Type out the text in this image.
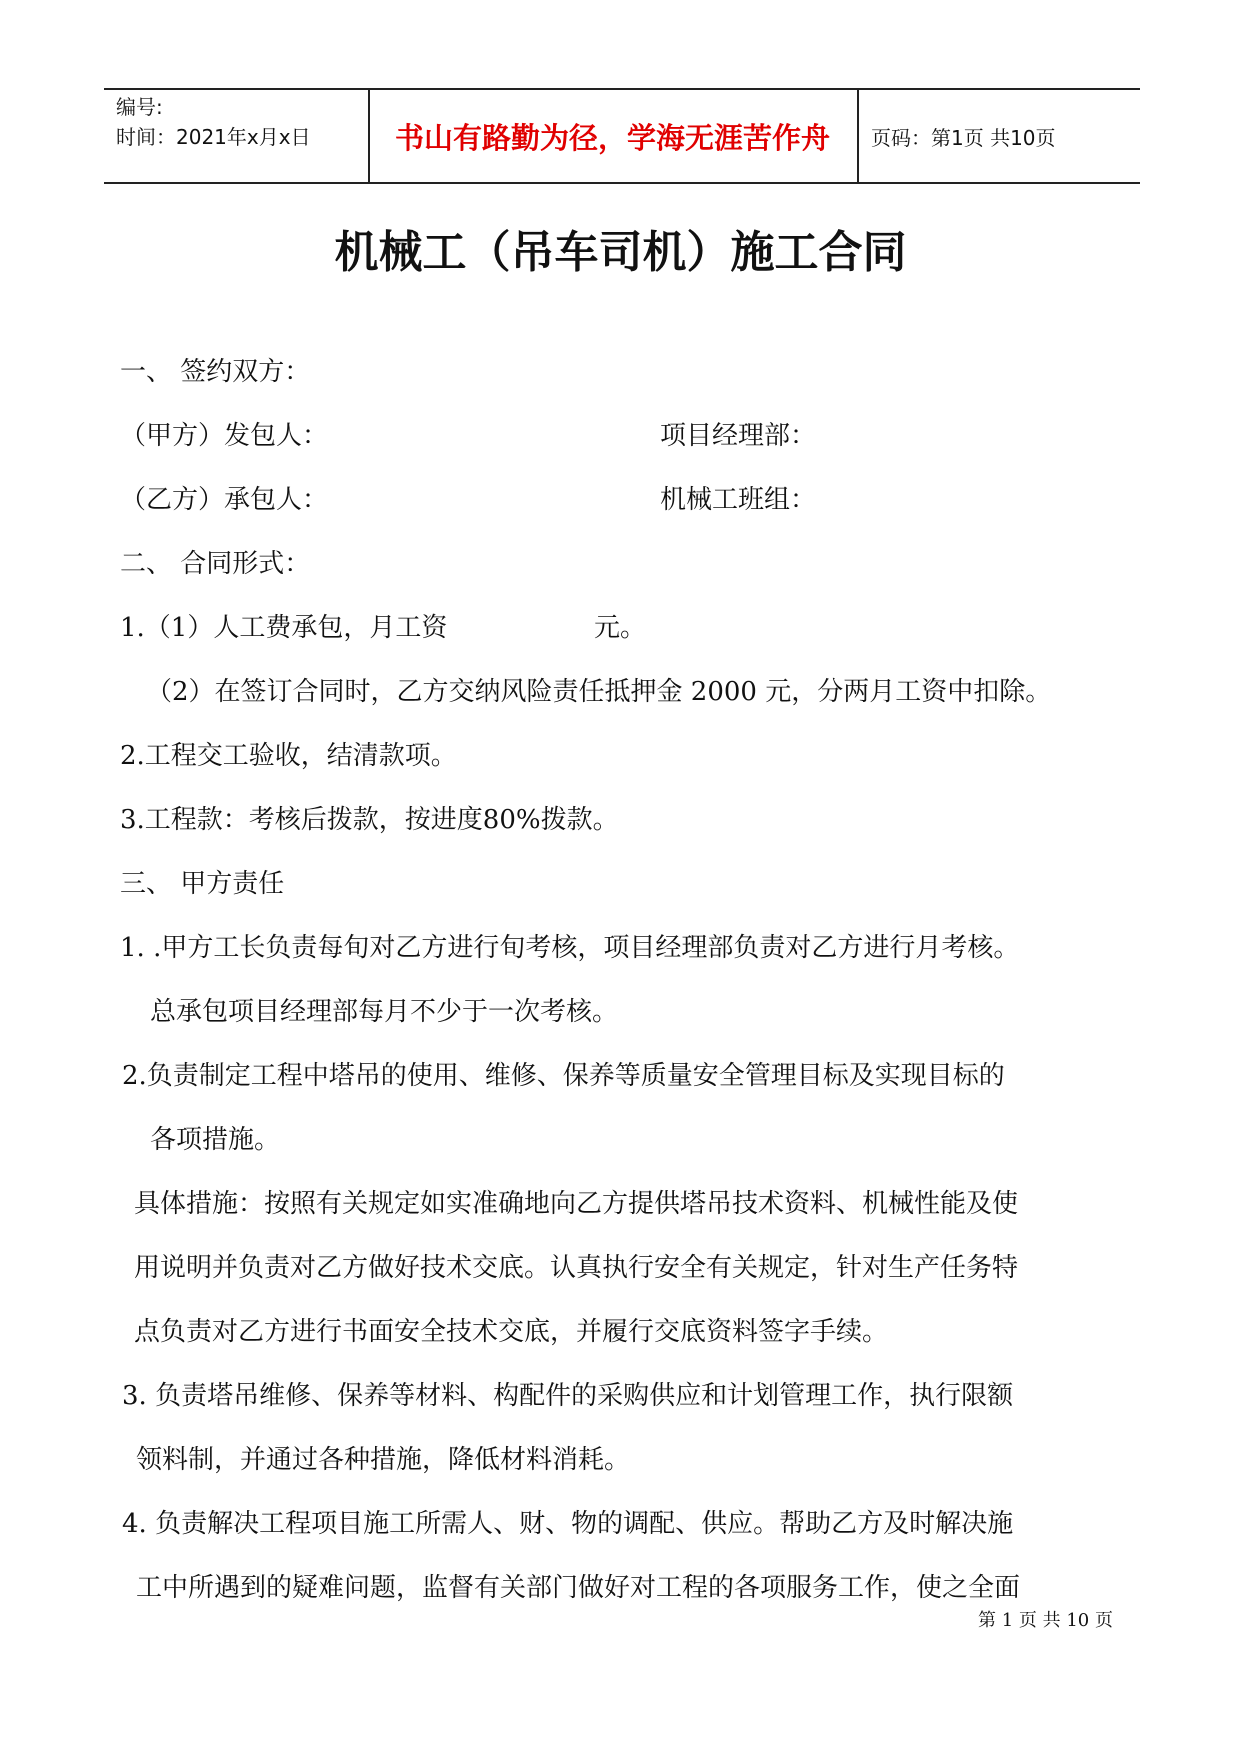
编号:
时间：2021年x月x日	书山有路勤为径，学海无涯苦作舟	页码：第1页 共10页
机械工（吊车司机）施工合同
一、 签约双方：
（甲方）发包人：	项目经理部：
（乙方）承包人：	机械工班组：
二、 合同形式：
1.（1）人工费承包，月工资	元。
（2）在签订合同时，乙方交纳风险责任抵押金 2000 元，分两月工资中扣除。
2.工程交工验收，结清款项。
3.工程款：考核后拨款，按进度80%拨款。
三、 甲方责任
1. .甲方工长负责每旬对乙方进行旬考核，项目经理部负责对乙方进行月考核。
总承包项目经理部每月不少于一次考核。
2.负责制定工程中塔吊的使用、维修、保养等质量安全管理目标及实现目标的
各项措施。
具体措施：按照有关规定如实准确地向乙方提供塔吊技术资料、机械性能及使
用说明并负责对乙方做好技术交底。认真执行安全有关规定，针对生产任务特
点负责对乙方进行书面安全技术交底，并履行交底资料签字手续。
3. 负责塔吊维修、保养等材料、构配件的采购供应和计划管理工作，执行限额
领料制，并通过各种措施，降低材料消耗。
4. 负责解决工程项目施工所需人、财、物的调配、供应。帮助乙方及时解决施
工中所遇到的疑难问题，监督有关部门做好对工程的各项服务工作，使之全面
第 1 页 共 10 页
